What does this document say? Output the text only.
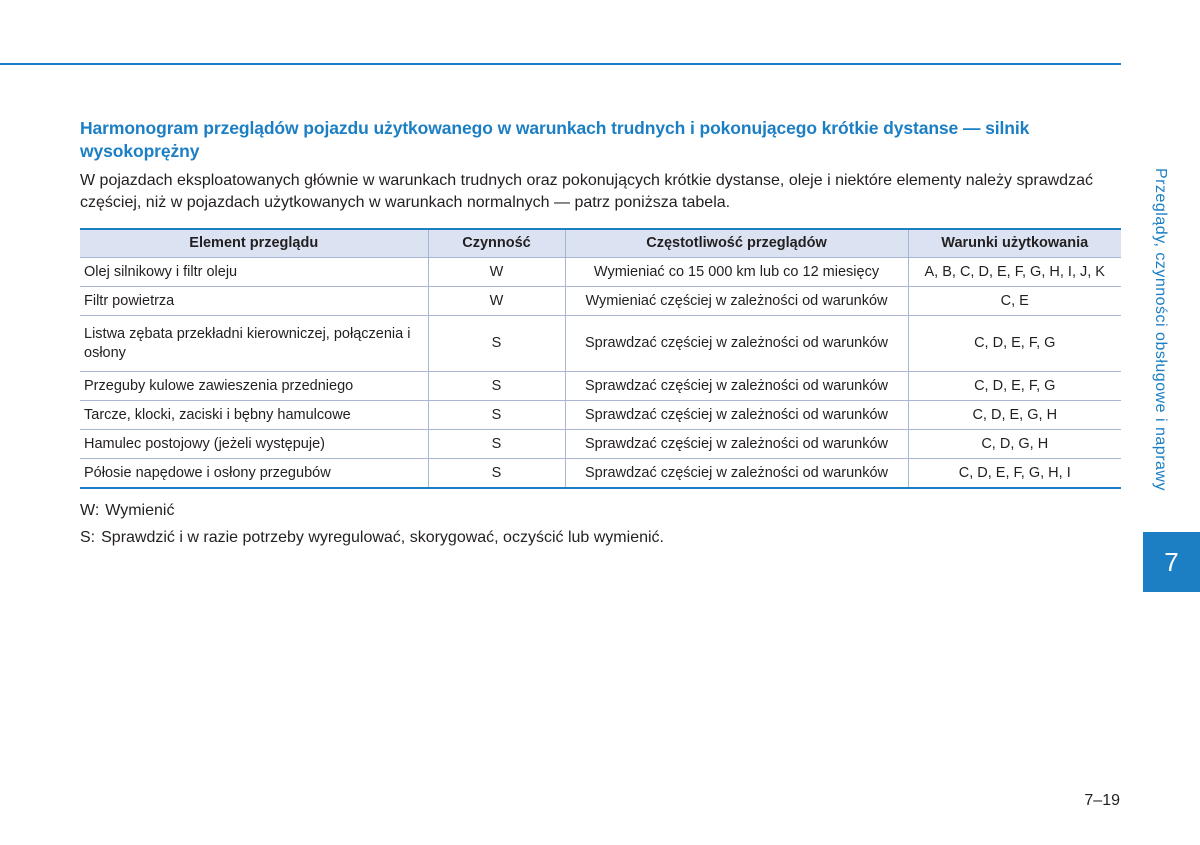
Harmonogram przeglądów pojazdu użytkowanego w warunkach trudnych i pokonującego krótkie dystanse — silnik wysokoprężny

W pojazdach eksploatowanych głównie w warunkach trudnych oraz pokonujących krótkie dystanse, oleje i niektóre elementy należy sprawdzać częściej, niż w pojazdach użytkowanych w warunkach normalnych — patrz poniższa tabela.

Element przeglądu	Czynność	Częstotliwość przeglądów	Warunki użytkowania
Olej silnikowy i filtr oleju	W	Wymieniać co 15 000 km lub co 12 miesięcy	A, B, C, D, E, F, G, H, I, J, K
Filtr powietrza	W	Wymieniać częściej w zależności od warunków	C, E
Listwa zębata przekładni kierowniczej, połączenia i osłony	S	Sprawdzać częściej w zależności od warunków	C, D, E, F, G
Przeguby kulowe zawieszenia przedniego	S	Sprawdzać częściej w zależności od warunków	C, D, E, F, G
Tarcze, klocki, zaciski i bębny hamulcowe	S	Sprawdzać częściej w zależności od warunków	C, D, E, G, H
Hamulec postojowy (jeżeli występuje)	S	Sprawdzać częściej w zależności od warunków	C, D, G, H
Półosie napędowe i osłony przegubów	S	Sprawdzać częściej w zależności od warunków	C, D, E, F, G, H, I

W: Wymienić

S: Sprawdzić i w razie potrzeby wyregulować, skorygować, oczyścić lub wymienić.

Przeglądy, czynności obsługowe i naprawy
7
7–19
